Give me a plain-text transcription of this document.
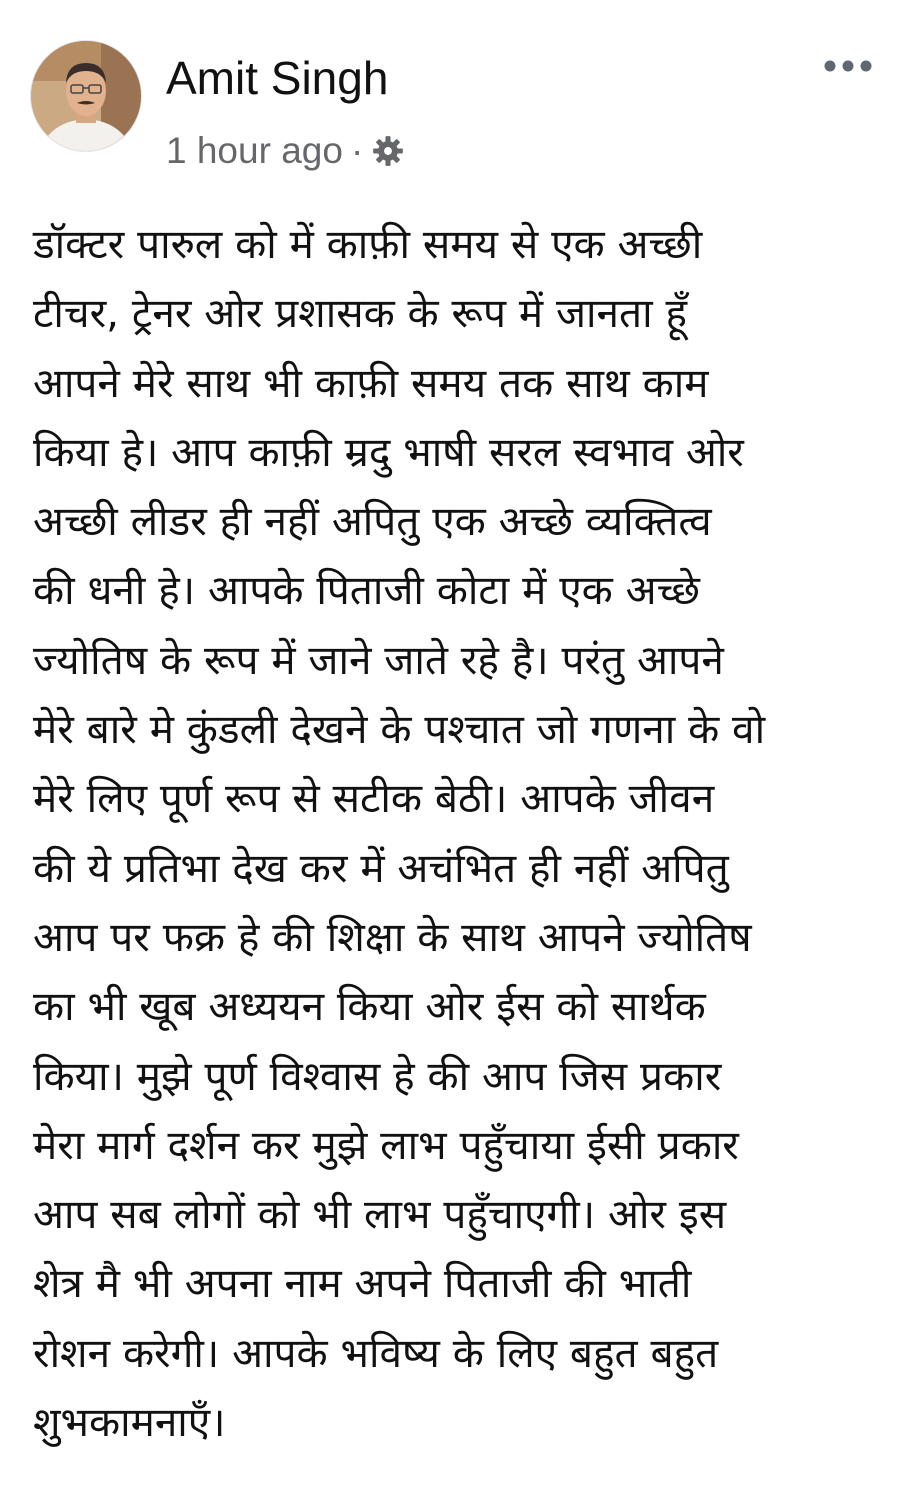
Amit Singh
1 hour ago ·
डॉक्टर पारुल को में काफ़ी समय से एक अच्छी
टीचर, ट्रेनर ओर प्रशासक के रूप में जानता हूँ
आपने मेरे साथ भी काफ़ी समय तक साथ काम
किया हे। आप काफ़ी म्रदु भाषी सरल स्वभाव ओर
अच्छी लीडर ही नहीं अपितु एक अच्छे व्यक्तित्व
की धनी हे। आपके पिताजी कोटा में एक अच्छे
ज्योतिष के रूप में जाने जाते रहे है। परंतु आपने
मेरे बारे मे कुंडली देखने के पश्चात जो गणना के वो
मेरे लिए पूर्ण रूप से सटीक बेठी। आपके जीवन
की ये प्रतिभा देख कर में अचंभित ही नहीं अपितु
आप पर फक्र हे की शिक्षा के साथ आपने ज्योतिष
का भी खूब अध्ययन किया ओर ईस को सार्थक
किया। मुझे पूर्ण विश्वास हे की आप जिस प्रकार
मेरा मार्ग दर्शन कर मुझे लाभ पहुँचाया ईसी प्रकार
आप सब लोगों को भी लाभ पहुँचाएगी। ओर इस
शेत्र मै भी अपना नाम अपने पिताजी की भाती
रोशन करेगी। आपके भविष्य के लिए बहुत बहुत
शुभकामनाएँ।
